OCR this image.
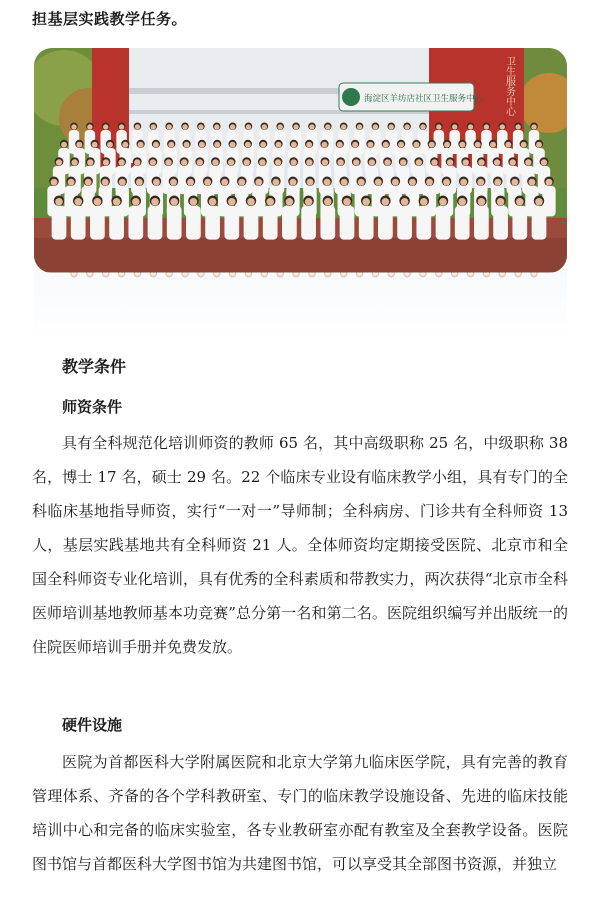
担基层实践教学任务。
卫生服务中心
海淀区羊坊店社区卫生服务中心
教学条件
师资条件

具有全科规范化培训师资的教师 65 名，其中高级职称 25 名，中级职称 38 名，博士 17 名，硕士 29 名。22 个临床专业设有临床教学小组，具有专门的全科临床基地指导师资，实行“一对一”导师制；全科病房、门诊共有全科师资 13 人，基层实践基地共有全科师资 21 人。全体师资均定期接受医院、北京市和全国全科师资专业化培训，具有优秀的全科素质和带教实力，两次获得“北京市全科医师培训基地教师基本功竞赛”总分第一名和第二名。医院组织编写并出版统一的住院医师培训手册并免费发放。

硬件设施

医院为首都医科大学附属医院和北京大学第九临床医学院，具有完善的教育管理体系、齐备的各个学科教研室、专门的临床教学设施设备、先进的临床技能培训中心和完备的临床实验室，各专业教研室亦配有教室及全套教学设备。医院图书馆与首都医科大学图书馆为共建图书馆，可以享受其全部图书资源，并独立
